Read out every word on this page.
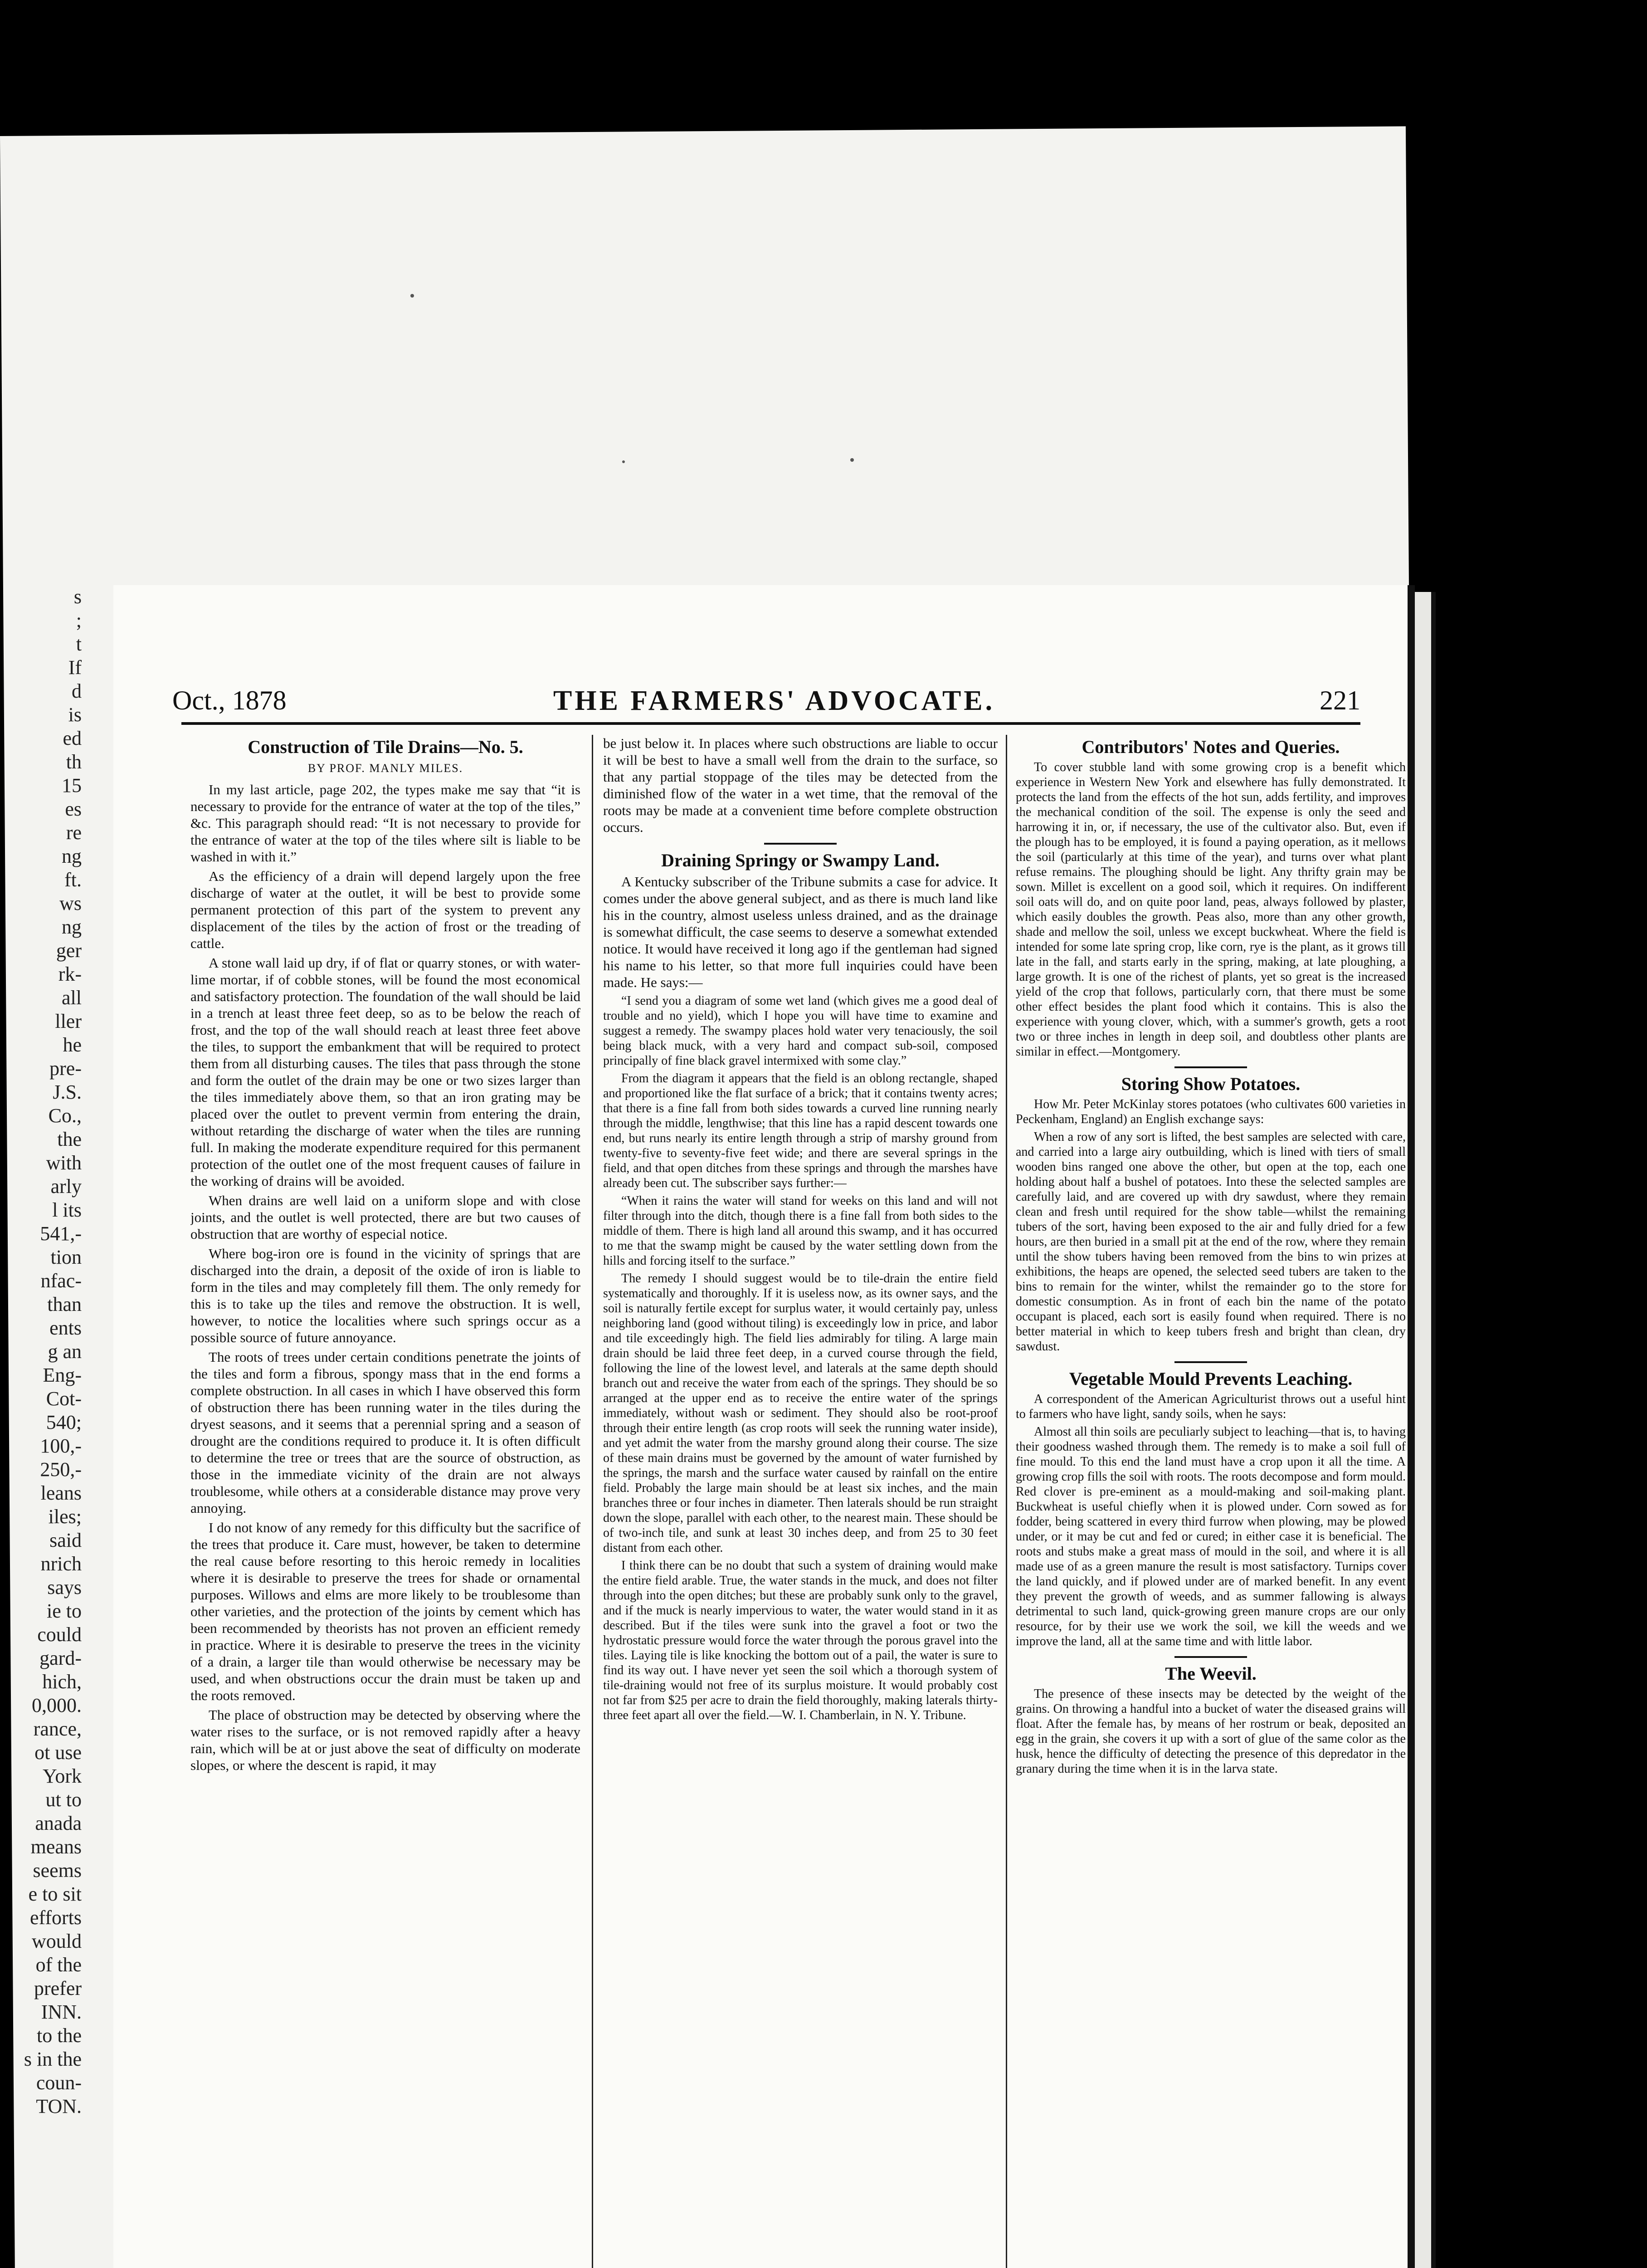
s
;
t
If
d
is
ed
th
15
es
re
ng
ft.
ws
ng
ger
rk-
all
ller
he
pre-
J.S.
Co.,
the
with
arly
l its
541,-
tion
nfac-
than
ents
g an
Eng-
Cot-
540;
100,-
250,-
leans
iles;
said
nrich
says
ie to
could
gard-
hich,
0,000.
rance,
ot use
York
ut to
anada
means
seems
e to sit
efforts
would
of the
prefer
INN.
to the
s in the
coun-
TON.
Oct., 1878	THE FARMERS' ADVOCATE.	221
Construction of Tile Drains—No. 5.
BY PROF. MANLY MILES.

In my last article, page 202, the types make me say that “it is necessary to provide for the entrance of water at the top of the tiles,” &c. This paragraph should read: “It is not necessary to provide for the entrance of water at the top of the tiles where silt is liable to be washed in with it.”

As the efficiency of a drain will depend largely upon the free discharge of water at the outlet, it will be best to provide some permanent protection of this part of the system to prevent any displacement of the tiles by the action of frost or the treading of cattle.

A stone wall laid up dry, if of flat or quarry stones, or with water-lime mortar, if of cobble stones, will be found the most economical and satisfactory protection. The foundation of the wall should be laid in a trench at least three feet deep, so as to be below the reach of frost, and the top of the wall should reach at least three feet above the tiles, to support the embankment that will be required to protect them from all disturbing causes. The tiles that pass through the stone and form the outlet of the drain may be one or two sizes larger than the tiles immediately above them, so that an iron grating may be placed over the outlet to prevent vermin from entering the drain, without retarding the discharge of water when the tiles are running full. In making the moderate expenditure required for this permanent protection of the outlet one of the most frequent causes of failure in the working of drains will be avoided.

When drains are well laid on a uniform slope and with close joints, and the outlet is well protected, there are but two causes of obstruction that are worthy of especial notice.

Where bog-iron ore is found in the vicinity of springs that are discharged into the drain, a deposit of the oxide of iron is liable to form in the tiles and may completely fill them. The only remedy for this is to take up the tiles and remove the obstruction. It is well, however, to notice the localities where such springs occur as a possible source of future annoyance.

The roots of trees under certain conditions penetrate the joints of the tiles and form a fibrous, spongy mass that in the end forms a complete obstruction. In all cases in which I have observed this form of obstruction there has been running water in the tiles during the dryest seasons, and it seems that a perennial spring and a season of drought are the conditions required to produce it. It is often difficult to determine the tree or trees that are the source of obstruction, as those in the immediate vicinity of the drain are not always troublesome, while others at a considerable distance may prove very annoying.

I do not know of any remedy for this difficulty but the sacrifice of the trees that produce it. Care must, however, be taken to determine the real cause before resorting to this heroic remedy in localities where it is desirable to preserve the trees for shade or ornamental purposes. Willows and elms are more likely to be troublesome than other varieties, and the protection of the joints by cement which has been recommended by theorists has not proven an efficient remedy in practice. Where it is desirable to preserve the trees in the vicinity of a drain, a larger tile than would otherwise be necessary may be used, and when obstructions occur the drain must be taken up and the roots removed.

The place of obstruction may be detected by observing where the water rises to the surface, or is not removed rapidly after a heavy rain, which will be at or just above the seat of difficulty on moderate slopes, or where the descent is rapid, it may

be just below it. In places where such obstructions are liable to occur it will be best to have a small well from the drain to the surface, so that any partial stoppage of the tiles may be detected from the diminished flow of the water in a wet time, that the removal of the roots may be made at a convenient time before complete obstruction occurs.

Draining Springy or Swampy Land.

A Kentucky subscriber of the Tribune submits a case for advice. It comes under the above general subject, and as there is much land like his in the country, almost useless unless drained, and as the drainage is somewhat difficult, the case seems to deserve a somewhat extended notice. It would have received it long ago if the gentleman had signed his name to his letter, so that more full inquiries could have been made. He says:—

“I send you a diagram of some wet land (which gives me a good deal of trouble and no yield), which I hope you will have time to examine and suggest a remedy. The swampy places hold water very tenaciously, the soil being black muck, with a very hard and compact sub-soil, composed principally of fine black gravel intermixed with some clay.”

From the diagram it appears that the field is an oblong rectangle, shaped and proportioned like the flat surface of a brick; that it contains twenty acres; that there is a fine fall from both sides towards a curved line running nearly through the middle, lengthwise; that this line has a rapid descent towards one end, but runs nearly its entire length through a strip of marshy ground from twenty-five to seventy-five feet wide; and there are several springs in the field, and that open ditches from these springs and through the marshes have already been cut. The subscriber says further:—

“When it rains the water will stand for weeks on this land and will not filter through into the ditch, though there is a fine fall from both sides to the middle of them. There is high land all around this swamp, and it has occurred to me that the swamp might be caused by the water settling down from the hills and forcing itself to the surface.”

The remedy I should suggest would be to tile-drain the entire field systematically and thoroughly. If it is useless now, as its owner says, and the soil is naturally fertile except for surplus water, it would certainly pay, unless neighboring land (good without tiling) is exceedingly low in price, and labor and tile exceedingly high. The field lies admirably for tiling. A large main drain should be laid three feet deep, in a curved course through the field, following the line of the lowest level, and laterals at the same depth should branch out and receive the water from each of the springs. They should be so arranged at the upper end as to receive the entire water of the springs immediately, without wash or sediment. They should also be root-proof through their entire length (as crop roots will seek the running water inside), and yet admit the water from the marshy ground along their course. The size of these main drains must be governed by the amount of water furnished by the springs, the marsh and the surface water caused by rainfall on the entire field. Probably the large main should be at least six inches, and the main branches three or four inches in diameter. Then laterals should be run straight down the slope, parallel with each other, to the nearest main. These should be of two-inch tile, and sunk at least 30 inches deep, and from 25 to 30 feet distant from each other.

I think there can be no doubt that such a system of draining would make the entire field arable. True, the water stands in the muck, and does not filter through into the open ditches; but these are probably sunk only to the gravel, and if the muck is nearly impervious to water, the water would stand in it as described. But if the tiles were sunk into the gravel a foot or two the hydrostatic pressure would force the water through the porous gravel into the tiles. Laying tile is like knocking the bottom out of a pail, the water is sure to find its way out. I have never yet seen the soil which a thorough system of tile-draining would not free of its surplus moisture. It would probably cost not far from $25 per acre to drain the field thoroughly, making laterals thirty-three feet apart all over the field.—W. I. Chamberlain, in N. Y. Tribune.

Contributors' Notes and Queries.

To cover stubble land with some growing crop is a benefit which experience in Western New York and elsewhere has fully demonstrated. It protects the land from the effects of the hot sun, adds fertility, and improves the mechanical condition of the soil. The expense is only the seed and harrowing it in, or, if necessary, the use of the cultivator also. But, even if the plough has to be employed, it is found a paying operation, as it mellows the soil (particularly at this time of the year), and turns over what plant refuse remains. The ploughing should be light. Any thrifty grain may be sown. Millet is excellent on a good soil, which it requires. On indifferent soil oats will do, and on quite poor land, peas, always followed by plaster, which easily doubles the growth. Peas also, more than any other growth, shade and mellow the soil, unless we except buckwheat. Where the field is intended for some late spring crop, like corn, rye is the plant, as it grows till late in the fall, and starts early in the spring, making, at late ploughing, a large growth. It is one of the richest of plants, yet so great is the increased yield of the crop that follows, particularly corn, that there must be some other effect besides the plant food which it contains. This is also the experience with young clover, which, with a summer's growth, gets a root two or three inches in length in deep soil, and doubtless other plants are similar in effect.—Montgomery.

Storing Show Potatoes.

How Mr. Peter McKinlay stores potatoes (who cultivates 600 varieties in Peckenham, England) an English exchange says:

When a row of any sort is lifted, the best samples are selected with care, and carried into a large airy outbuilding, which is lined with tiers of small wooden bins ranged one above the other, but open at the top, each one holding about half a bushel of potatoes. Into these the selected samples are carefully laid, and are covered up with dry sawdust, where they remain clean and fresh until required for the show table—whilst the remaining tubers of the sort, having been exposed to the air and fully dried for a few hours, are then buried in a small pit at the end of the row, where they remain until the show tubers having been removed from the bins to win prizes at exhibitions, the heaps are opened, the selected seed tubers are taken to the bins to remain for the winter, whilst the remainder go to the store for domestic consumption. As in front of each bin the name of the potato occupant is placed, each sort is easily found when required. There is no better material in which to keep tubers fresh and bright than clean, dry sawdust.

Vegetable Mould Prevents Leaching.

A correspondent of the American Agriculturist throws out a useful hint to farmers who have light, sandy soils, when he says:

Almost all thin soils are peculiarly subject to leaching—that is, to having their goodness washed through them. The remedy is to make a soil full of fine mould. To this end the land must have a crop upon it all the time. A growing crop fills the soil with roots. The roots decompose and form mould. Red clover is pre-eminent as a mould-making and soil-making plant. Buckwheat is useful chiefly when it is plowed under. Corn sowed as for fodder, being scattered in every third furrow when plowing, may be plowed under, or it may be cut and fed or cured; in either case it is beneficial. The roots and stubs make a great mass of mould in the soil, and where it is all made use of as a green manure the result is most satisfactory. Turnips cover the land quickly, and if plowed under are of marked benefit. In any event they prevent the growth of weeds, and as summer fallowing is always detrimental to such land, quick-growing green manure crops are our only resource, for by their use we work the soil, we kill the weeds and we improve the land, all at the same time and with little labor.

The Weevil.

The presence of these insects may be detected by the weight of the grains. On throwing a handful into a bucket of water the diseased grains will float. After the female has, by means of her rostrum or beak, deposited an egg in the grain, she covers it up with a sort of glue of the same color as the husk, hence the difficulty of detecting the presence of this depredator in the granary during the time when it is in the larva state.
